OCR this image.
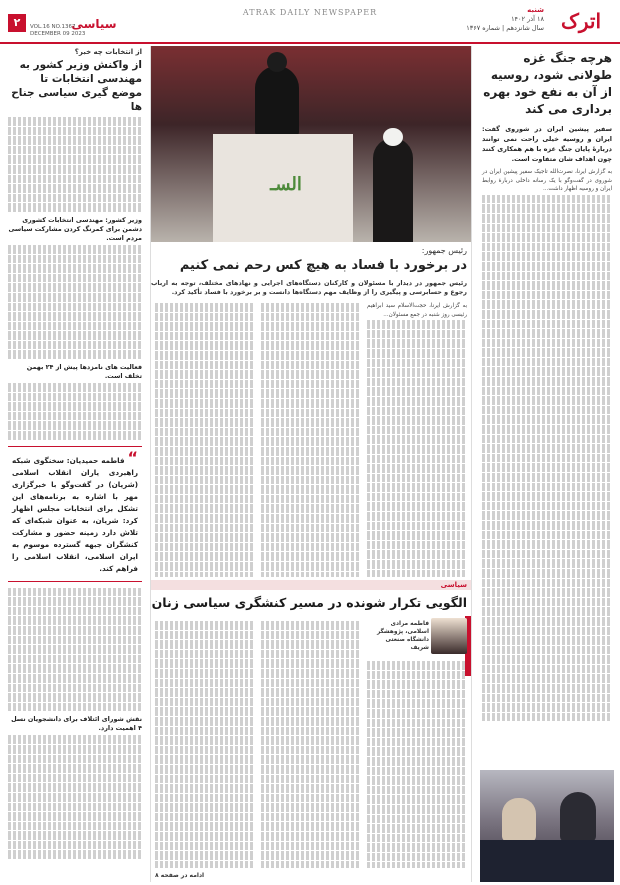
اترک
شنبه
۱۸ آذر ۱۴۰۲
سال شانزدهم | شماره ۱۳۶۷
ATRAK DAILY NEWSPAPER
سیاسی
۲	VOL.16 NO.1367
DECEMBER 09 2023
هرچه جنگ غزه طولانی شود، روسیه از آن به نفع خود بهره برداری می کند
سفیر پیشین ایران در شوروی گفت: ایران و روسیه خیلی راحت نمی توانند دربارهٔ پایان جنگ غزه با هم همکاری کنند چون اهداف شان متفاوت است.
به گزارش ایرنا، نصرت‌الله تاجیک سفیر پیشین ایران در شوروی در گفت‌وگو با یک رسانه داخلی دربارهٔ روابط ایران و روسیه اظهار داشت...
السـ
رئیس جمهور:
در برخورد با فساد به هیچ کس رحم نمی کنیم
رئیس جمهور در دیدار با مسئولان و کارکنان دستگاه‌های اجرایی و نهادهای مختلف، توجه به ارباب رجوع و حسابرسی و پیگیری را از وظایف مهم دستگاه‌ها دانست و بر برخورد با فساد تأکید کرد.
به گزارش ایرنا، حجت‌الاسلام سید ابراهیم رئیسی روز شنبه در جمع مسئولان...
سیاسی
الگویی تکرار شونده در مسیر کنشگری سیاسی زنان
فاطمه مرادی اسلامی، پژوهشگر دانشگاه صنعتی شریف
ادامه در صفحه ۸
از انتخابات چه خبر؟
از واکنش وزیر کشور به مهندسی انتخابات تا موضع گیری سیاسی جناح ها
وزیر کشور: مهندسی انتخابات کشوری دشمن برای کمرنگ کردن مشارکت سیاسی مردم است.
فعالیت های نامزدها پیش از ۲۴ بهمن تخلف است.
“ فاطمه حمیدیان: سخنگوی شبکه راهبردی یاران انقلاب اسلامی (شریان) در گفت‌وگو با خبرگزاری مهر با اشاره به برنامه‌های این تشکل برای انتخابات مجلس اظهار کرد: شریان، به عنوان شبکه‌ای که تلاش دارد زمینه حضور و مشارکت کنشگران جبهه گسترده موسوم به ایران اسلامی، انقلاب اسلامی را فراهم کند.
نقش شورای ائتلاف برای دانشجویان نسل ۴ اهمیت دارد.
